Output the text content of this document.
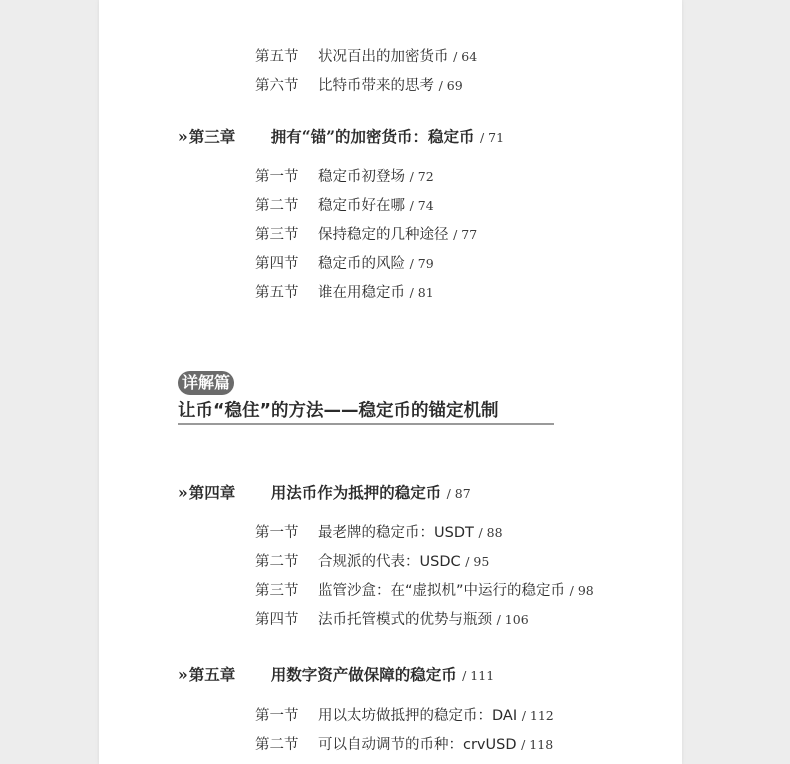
第五节 状况百出的加密货币 / 64
第六节 比特币带来的思考 / 69
»第三章 拥有“锚”的加密货币：稳定币 / 71
第一节 稳定币初登场 / 72
第二节 稳定币好在哪 / 74
第三节 保持稳定的几种途径 / 77
第四节 稳定币的风险 / 79
第五节 谁在用稳定币 / 81
详解篇
让币“稳住”的方法——稳定币的锚定机制
»第四章 用法币作为抵押的稳定币 / 87
第一节 最老牌的稳定币：USDT / 88
第二节 合规派的代表：USDC / 95
第三节 监管沙盒：在“虚拟机”中运行的稳定币 / 98
第四节 法币托管模式的优势与瓶颈 / 106
»第五章 用数字资产做保障的稳定币 / 111
第一节 用以太坊做抵押的稳定币：DAI / 112
第二节 可以自动调节的币种：crvUSD / 118
